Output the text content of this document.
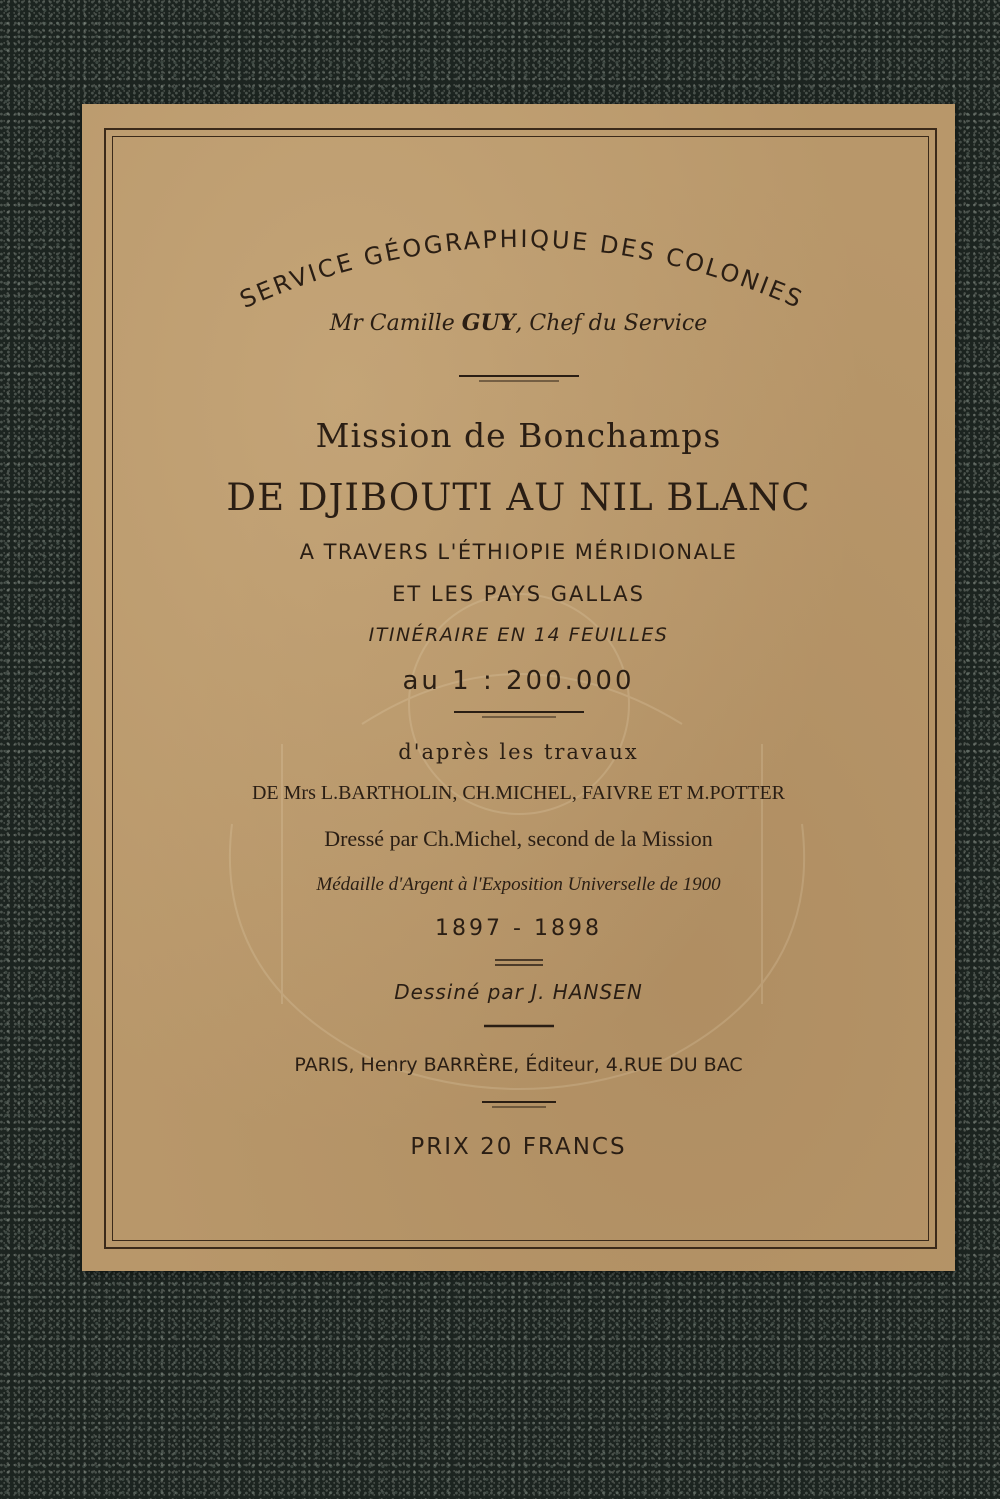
SERVICE GÉOGRAPHIQUE DES COLONIES
Mr Camille GUY, Chef du Service
Mission de Bonchamps
DE DJIBOUTI AU NIL BLANC
A TRAVERS L'ÉTHIOPIE MÉRIDIONALE
ET LES PAYS GALLAS
ITINÉRAIRE EN 14 FEUILLES
au 1 : 200.000
d'après les travaux
DE Mrs L.BARTHOLIN, CH.MICHEL, FAIVRE ET M.POTTER
Dressé par Ch.Michel, second de la Mission
Médaille d'Argent à l'Exposition Universelle de 1900
1897 - 1898
Dessiné par J. HANSEN
PARIS, Henry BARRÈRE, Éditeur, 4.RUE DU BAC
PRIX 20 FRANCS
